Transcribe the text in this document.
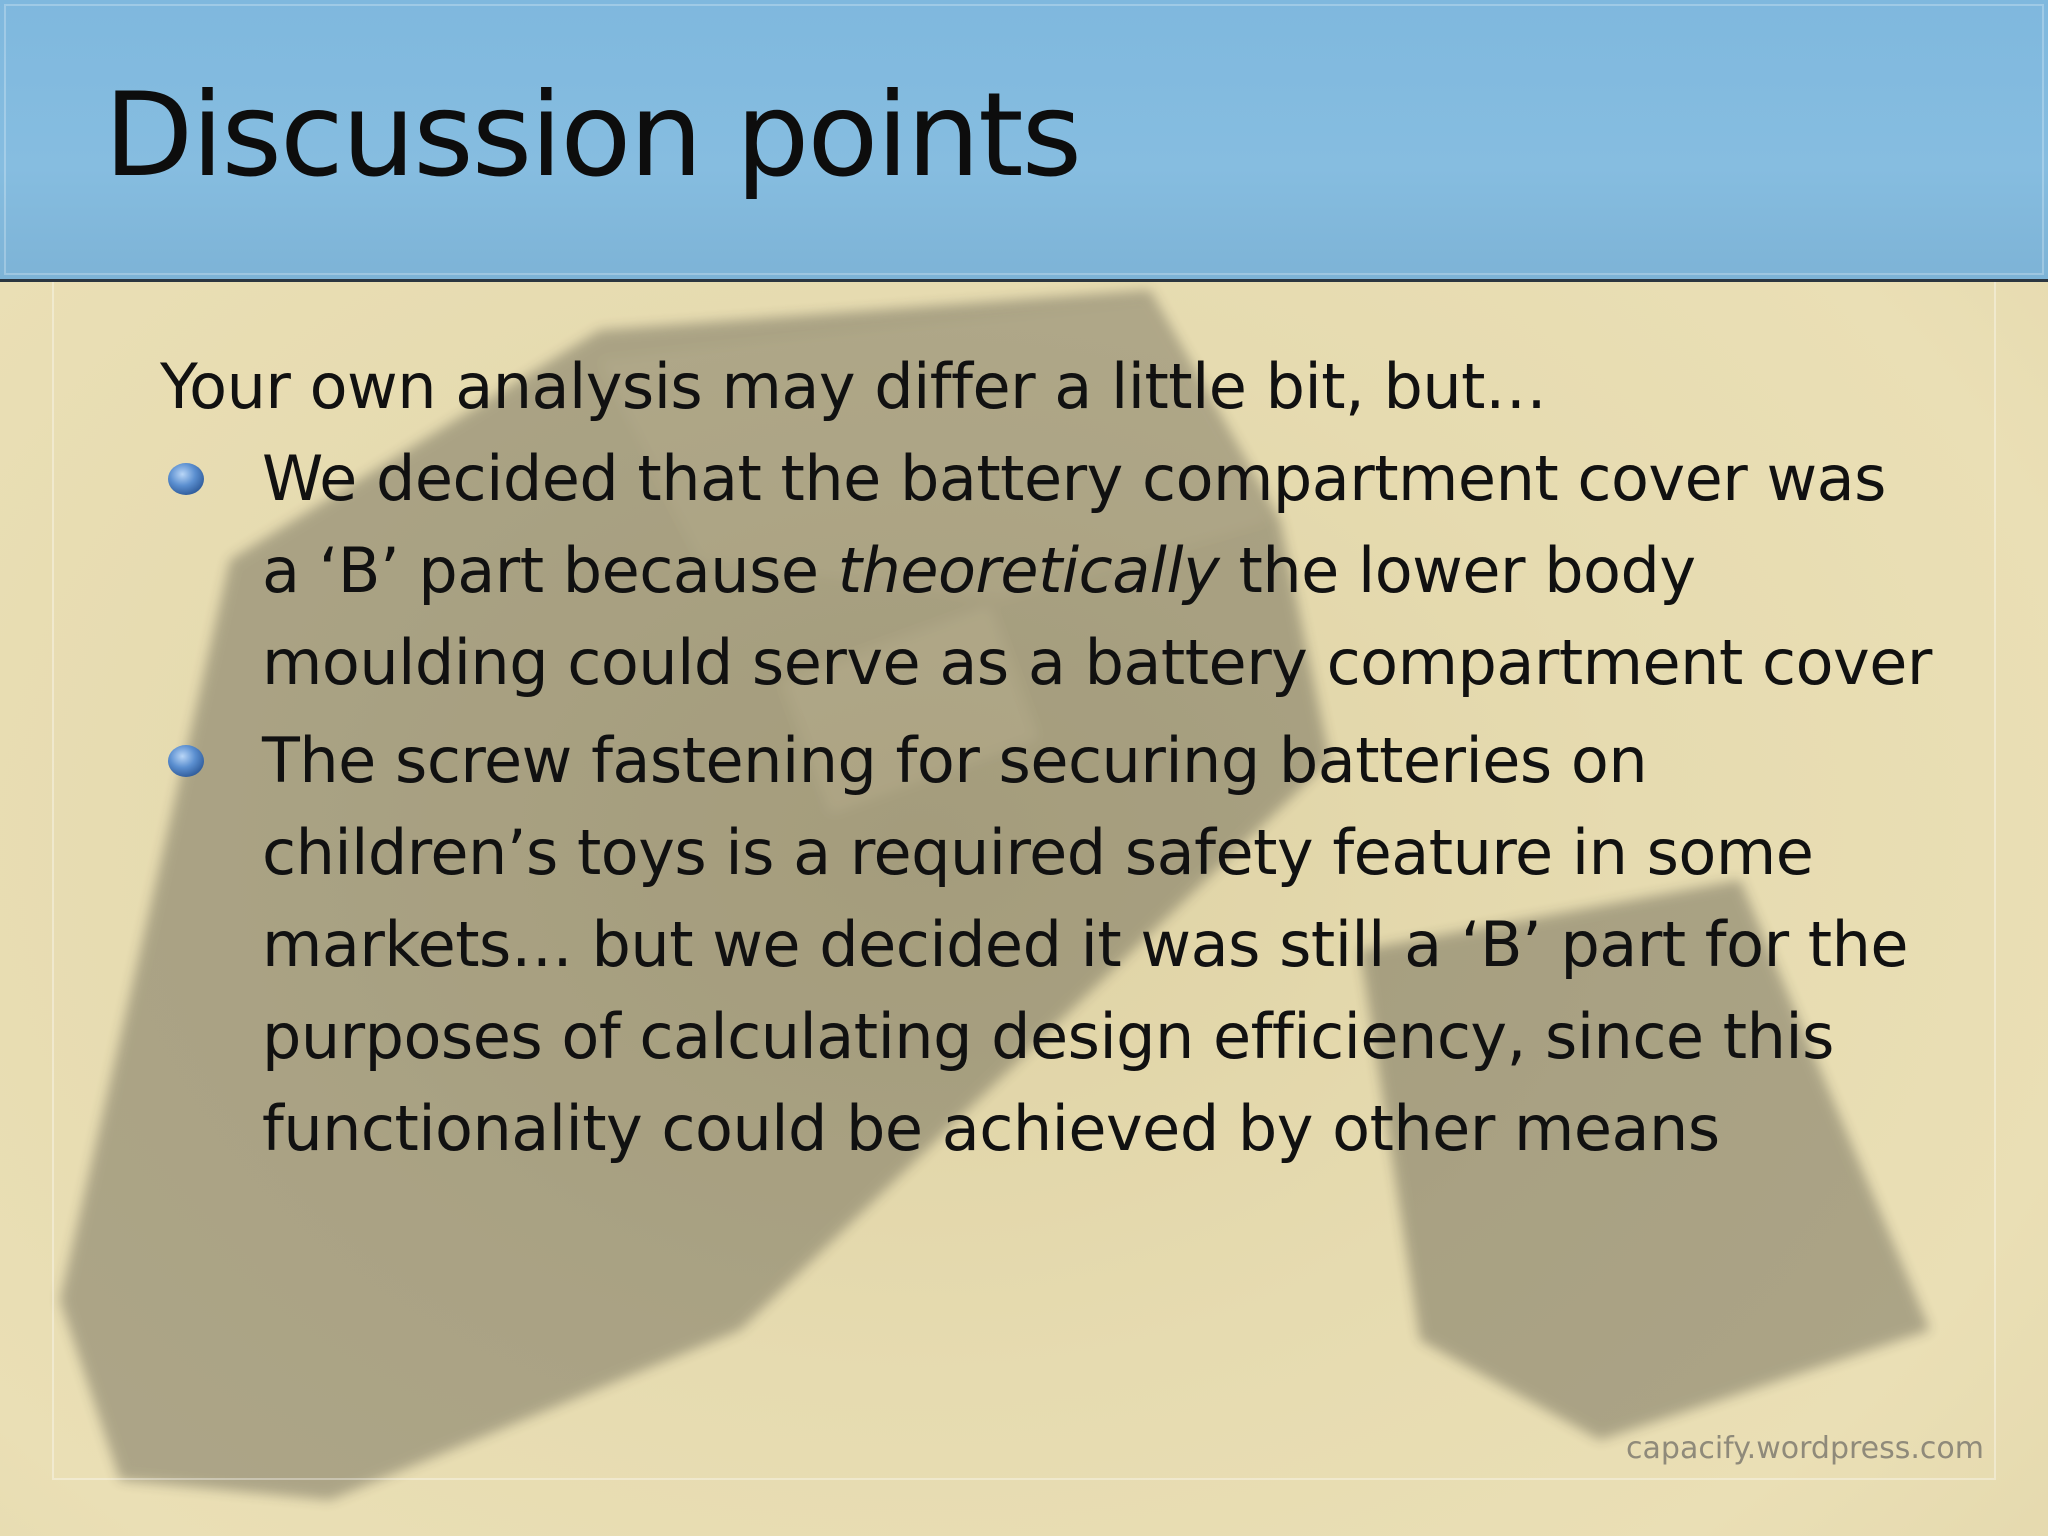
Discussion points

Your own analysis may differ a little bit, but…

We decided that the battery compartment cover was a ‘B’ part because theoretically the lower body moulding could serve as a battery compartment cover
The screw fastening for securing batteries on children’s toys is a required safety feature in some markets… but we decided it was still a ‘B’ part for the purposes of calculating design efficiency, since this functionality could be achieved by other means
capacify.wordpress.com
